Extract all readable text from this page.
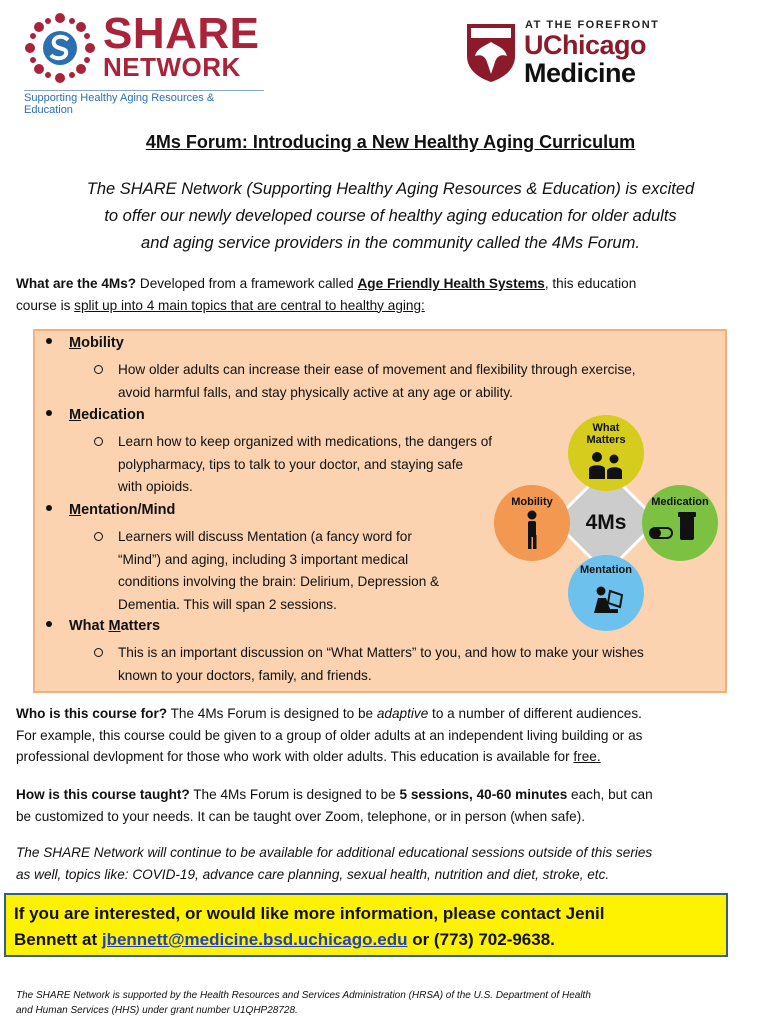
SHARE
NETWORK
Supporting Healthy Aging Resources & Education
AT THE FOREFRONT
UChicago
Medicine
4Ms Forum: Introducing a New Healthy Aging Curriculum
The SHARE Network (Supporting Healthy Aging Resources & Education) is excited
to offer our newly developed course of healthy aging education for older adults
and aging service providers in the community called the 4Ms Forum.
What are the 4Ms? Developed from a framework called Age Friendly Health Systems, this education
course is split up into 4 main topics that are central to healthy aging:
Mobility
How older adults can increase their ease of movement and flexibility through exercise,
avoid harmful falls, and stay physically active at any age or ability.
Medication
Learn how to keep organized with medications, the dangers of
polypharmacy, tips to talk to your doctor, and staying safe
with opioids.
Mentation/Mind
Learners will discuss Mentation (a fancy word for
“Mind”) and aging, including 3 important medical
conditions involving the brain: Delirium, Depression &
Dementia. This will span 2 sessions.
What Matters
This is an important discussion on “What Matters” to you, and how to make your wishes
known to your doctors, family, and friends.
4Ms
What
Matters
Mobility	Medication
Mentation
Who is this course for? The 4Ms Forum is designed to be adaptive to a number of different audiences.
For example, this course could be given to a group of older adults at an independent living building or as
professional devlopment for those who work with older adults. This education is available for free.
How is this course taught? The 4Ms Forum is designed to be 5 sessions, 40-60 minutes each, but can
be customized to your needs. It can be taught over Zoom, telephone, or in person (when safe).
The SHARE Network will continue to be available for additional educational sessions outside of this series
as well, topics like: COVID-19, advance care planning, sexual health, nutrition and diet, stroke, etc.
If you are interested, or would like more information, please contact Jenil
Bennett at jbennett@medicine.bsd.uchicago.edu or (773) 702-9638.
The SHARE Network is supported by the Health Resources and Services Administration (HRSA) of the U.S. Department of Health
and Human Services (HHS) under grant number U1QHP28728.
